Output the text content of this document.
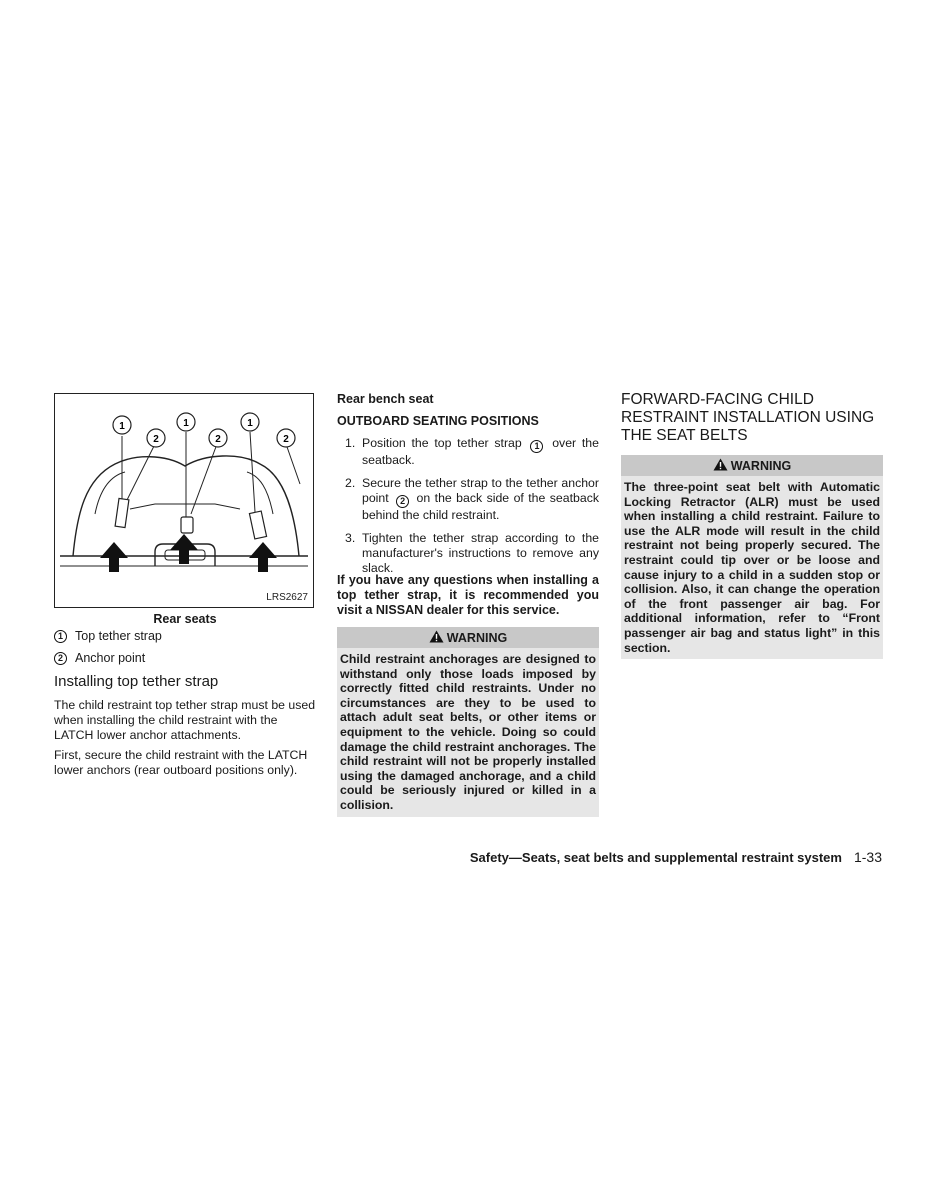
1
2
1
2
1
2
LRS2627
Rear seats
1 Top tether strap
2 Anchor point
Installing top tether strap

The child restraint top tether strap must be used when installing the child restraint with the LATCH lower anchor attachments.

First, secure the child restraint with the LATCH lower anchors (rear outboard positions only).

Rear bench seat

OUTBOARD SEATING POSITIONS

1. Position the top tether strap 1 over the seatback.
2. Secure the tether strap to the tether anchor point 2 on the back side of the seatback behind the child restraint.
3. Tighten the tether strap according to the manufacturer's instructions to remove any slack.

If you have any questions when installing a top tether strap, it is recommended you visit a NISSAN dealer for this service.

WARNING
Child restraint anchorages are designed to withstand only those loads imposed by correctly fitted child restraints. Under no circumstances are they to be used to attach adult seat belts, or other items or equipment to the vehicle. Doing so could damage the child restraint anchorages. The child restraint will not be properly installed using the damaged anchorage, and a child could be seriously injured or killed in a collision.
FORWARD-FACING CHILD RESTRAINT INSTALLATION USING THE SEAT BELTS
WARNING
The three-point seat belt with Automatic Locking Retractor (ALR) must be used when installing a child restraint. Failure to use the ALR mode will result in the child restraint not being properly secured. The restraint could tip over or be loose and cause injury to a child in a sudden stop or collision. Also, it can change the operation of the front passenger air bag. For additional information, refer to “Front passenger air bag and status light” in this section.
Safety—Seats, seat belts and supplemental restraint system 1-33
